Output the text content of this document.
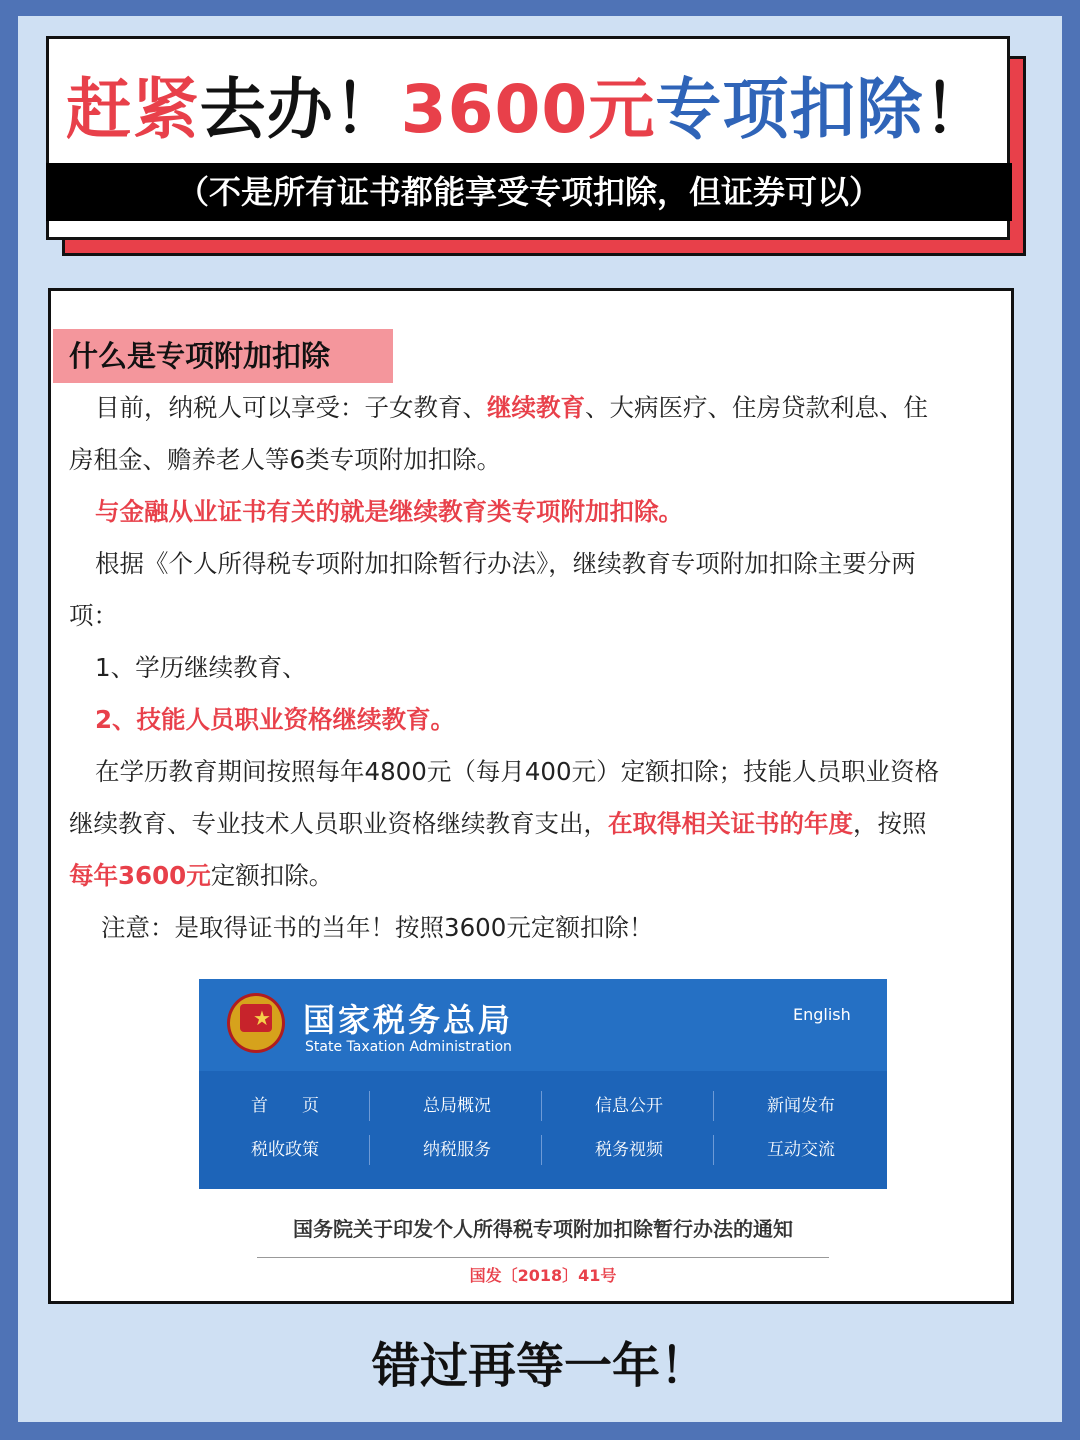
赶紧去办！3600元专项扣除！
（不是所有证书都能享受专项扣除，但证券可以）
什么是专项附加扣除
目前，纳税人可以享受：子女教育、继续教育、大病医疗、住房贷款利息、住
房租金、赡养老人等6类专项附加扣除。
与金融从业证书有关的就是继续教育类专项附加扣除。
根据《个人所得税专项附加扣除暂行办法》，继续教育专项附加扣除主要分两
项：
1、学历继续教育、
2、技能人员职业资格继续教育。
在学历教育期间按照每年4800元（每月400元）定额扣除；技能人员职业资格
继续教育、专业技术人员职业资格继续教育支出，在取得相关证书的年度，按照
每年3600元定额扣除。
注意：是取得证书的当年！按照3600元定额扣除！
★ 国家税务总局
State Taxation Administration
English
首　　页	总局概况	信息公开	新闻发布
税收政策	纳税服务	税务视频	互动交流
国务院关于印发个人所得税专项附加扣除暂行办法的通知
国发〔2018〕41号
错过再等一年！
